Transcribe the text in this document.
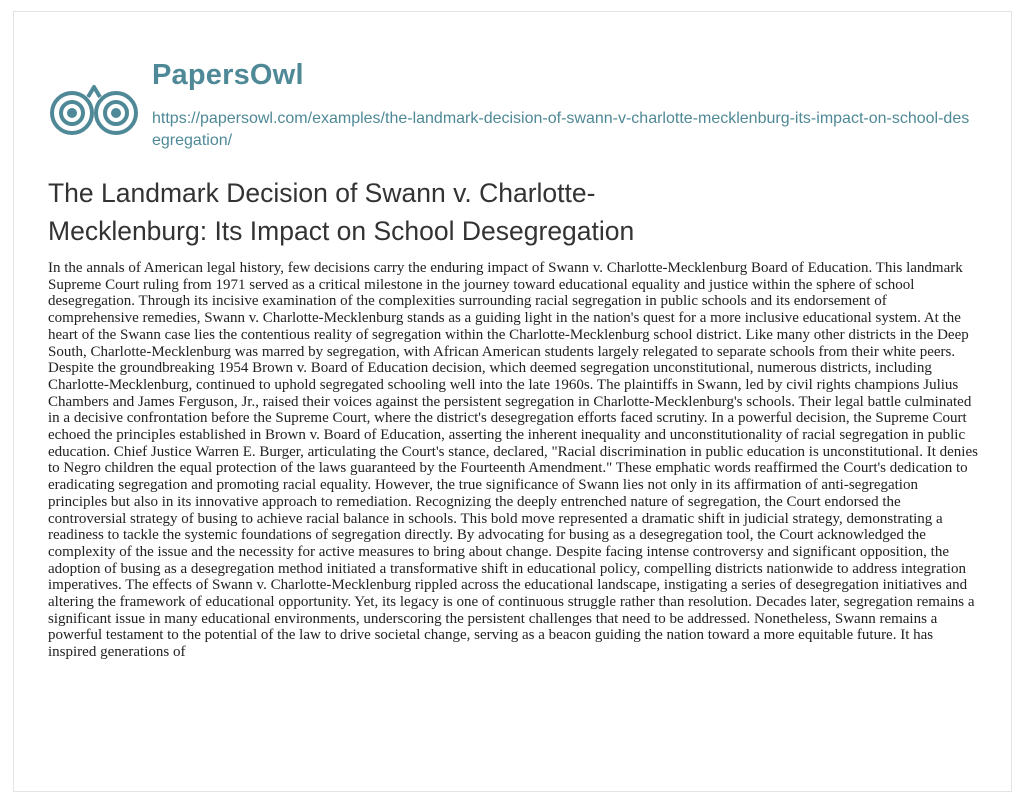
PapersOwl
https://papersowl.com/examples/the-landmark-decision-of-swann-v-charlotte-mecklenburg-its-impact-on-school-desegregation/
The Landmark Decision of Swann v. Charlotte-Mecklenburg: Its Impact on School Desegregation

In the annals of American legal history, few decisions carry the enduring impact of Swann v. Charlotte-Mecklenburg Board of Education. This landmark Supreme Court ruling from 1971 served as a critical milestone in the journey toward educational equality and justice within the sphere of school desegregation. Through its incisive examination of the complexities surrounding racial segregation in public schools and its endorsement of comprehensive remedies, Swann v. Charlotte-Mecklenburg stands as a guiding light in the nation's quest for a more inclusive educational system. At the heart of the Swann case lies the contentious reality of segregation within the Charlotte-Mecklenburg school district. Like many other districts in the Deep South, Charlotte-Mecklenburg was marred by segregation, with African American students largely relegated to separate schools from their white peers. Despite the groundbreaking 1954 Brown v. Board of Education decision, which deemed segregation unconstitutional, numerous districts, including Charlotte-Mecklenburg, continued to uphold segregated schooling well into the late 1960s. The plaintiffs in Swann, led by civil rights champions Julius Chambers and James Ferguson, Jr., raised their voices against the persistent segregation in Charlotte-Mecklenburg's schools. Their legal battle culminated in a decisive confrontation before the Supreme Court, where the district's desegregation efforts faced scrutiny. In a powerful decision, the Supreme Court echoed the principles established in Brown v. Board of Education, asserting the inherent inequality and unconstitutionality of racial segregation in public education. Chief Justice Warren E. Burger, articulating the Court's stance, declared, "Racial discrimination in public education is unconstitutional. It denies to Negro children the equal protection of the laws guaranteed by the Fourteenth Amendment." These emphatic words reaffirmed the Court's dedication to eradicating segregation and promoting racial equality. However, the true significance of Swann lies not only in its affirmation of anti-segregation principles but also in its innovative approach to remediation. Recognizing the deeply entrenched nature of segregation, the Court endorsed the controversial strategy of busing to achieve racial balance in schools. This bold move represented a dramatic shift in judicial strategy, demonstrating a readiness to tackle the systemic foundations of segregation directly. By advocating for busing as a desegregation tool, the Court acknowledged the complexity of the issue and the necessity for active measures to bring about change. Despite facing intense controversy and significant opposition, the adoption of busing as a desegregation method initiated a transformative shift in educational policy, compelling districts nationwide to address integration imperatives. The effects of Swann v. Charlotte-Mecklenburg rippled across the educational landscape, instigating a series of desegregation initiatives and altering the framework of educational opportunity. Yet, its legacy is one of continuous struggle rather than resolution. Decades later, segregation remains a significant issue in many educational environments, underscoring the persistent challenges that need to be addressed. Nonetheless, Swann remains a powerful testament to the potential of the law to drive societal change, serving as a beacon guiding the nation toward a more equitable future. It has inspired generations of
